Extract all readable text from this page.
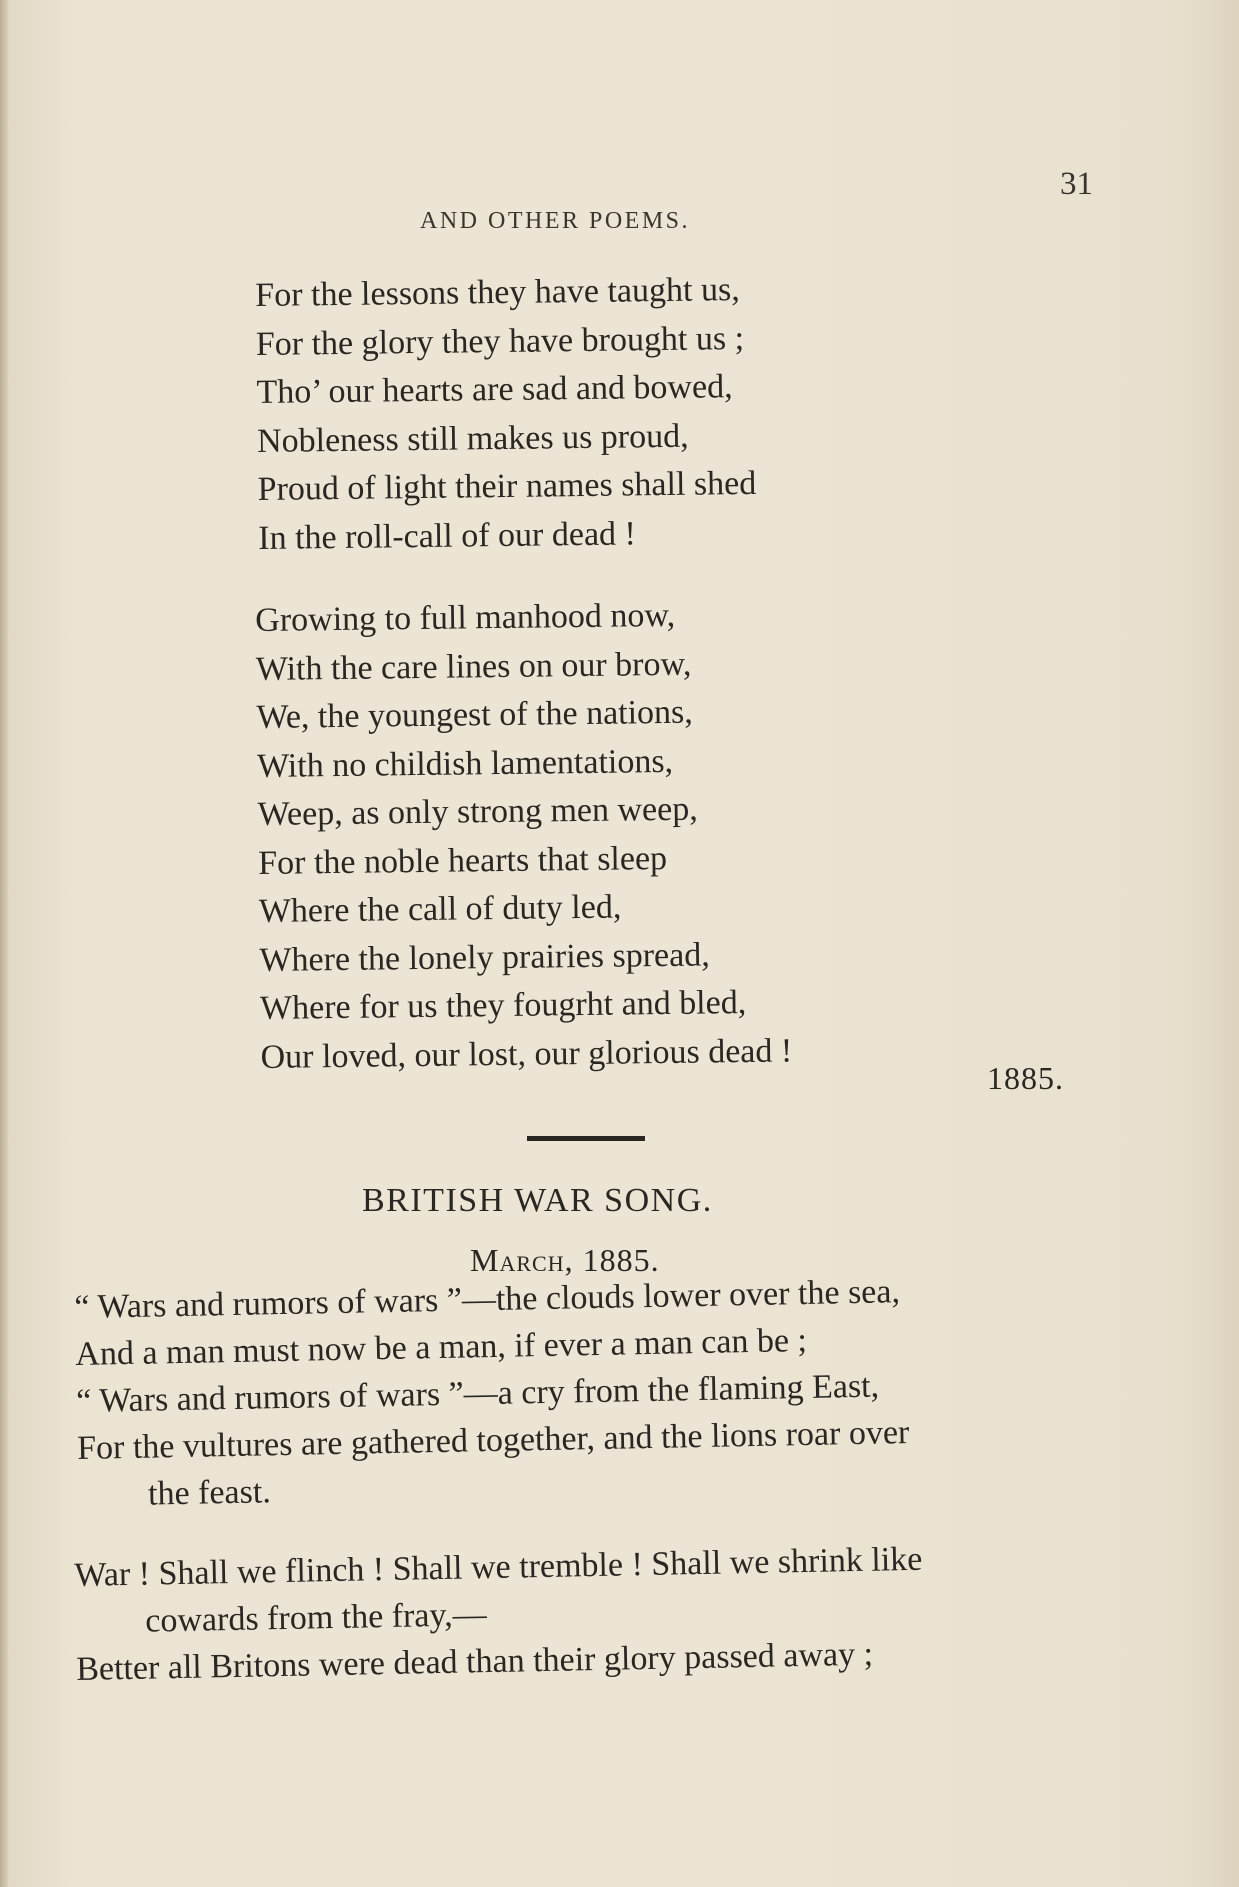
AND OTHER POEMS.
31
For the lessons they have taught us,
For the glory they have brought us ;
Tho’ our hearts are sad and bowed,
Nobleness still makes us proud,
Proud of light their names shall shed
In the roll-call of our dead !
Growing to full manhood now,
With the care lines on our brow,
We, the youngest of the nations,
With no childish lamentations,
Weep, as only strong men weep,
For the noble hearts that sleep
Where the call of duty led,
Where the lonely prairies spread,
Where for us they fougrht and bled,
Our loved, our lost, our glorious dead !
1885.
BRITISH WAR SONG.
March, 1885.
“ Wars and rumors of wars ”—the clouds lower over the sea,
And a man must now be a man, if ever a man can be ;
“ Wars and rumors of wars ”—a cry from the flaming East,
For the vultures are gathered together, and the lions roar over
the feast.
War ! Shall we flinch ! Shall we tremble ! Shall we shrink like
cowards from the fray,—
Better all Britons were dead than their glory passed away ;
